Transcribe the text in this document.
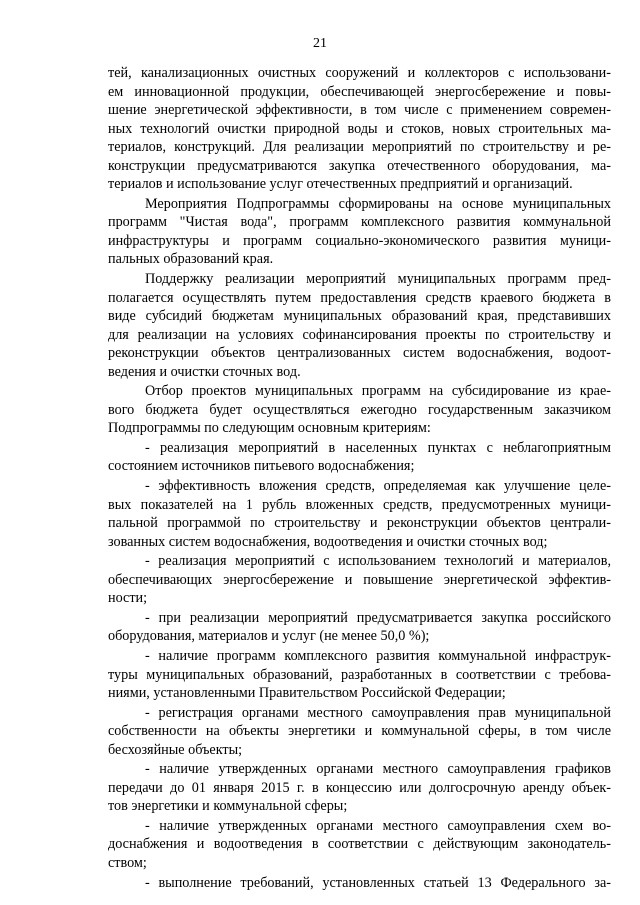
21
тей, канализационных очистных сооружений и коллекторов с использовани-
ем инновационной продукции, обеспечивающей энергосбережение и повы-
шение энергетической эффективности, в том числе с применением современ-
ных технологий очистки природной воды и стоков, новых строительных ма-
териалов, конструкций. Для реализации мероприятий по строительству и ре-
конструкции предусматриваются закупка отечественного оборудования, ма-
териалов и использование услуг отечественных предприятий и организаций.
Мероприятия Подпрограммы сформированы на основе муниципальных
программ "Чистая вода", программ комплексного развития коммунальной
инфраструктуры и программ социально-экономического развития муници-
пальных образований края.
Поддержку реализации мероприятий муниципальных программ пред-
полагается осуществлять путем предоставления средств краевого бюджета в
виде субсидий бюджетам муниципальных образований края, представивших
для реализации на условиях софинансирования проекты по строительству и
реконструкции объектов централизованных систем водоснабжения, водоот-
ведения и очистки сточных вод.
Отбор проектов муниципальных программ на субсидирование из крае-
вого бюджета будет осуществляться ежегодно государственным заказчиком
Подпрограммы по следующим основным критериям:
- реализация мероприятий в населенных пунктах с неблагоприятным
состоянием источников питьевого водоснабжения;
- эффективность вложения средств, определяемая как улучшение целе-
вых показателей на 1 рубль вложенных средств, предусмотренных муници-
пальной программой по строительству и реконструкции объектов централи-
зованных систем водоснабжения, водоотведения и очистки сточных вод;
- реализация мероприятий с использованием технологий и материалов,
обеспечивающих энергосбережение и повышение энергетической эффектив-
ности;
- при реализации мероприятий предусматривается закупка российского
оборудования, материалов и услуг (не менее 50,0 %);
- наличие программ комплексного развития коммунальной инфраструк-
туры муниципальных образований, разработанных в соответствии с требова-
ниями, установленными Правительством Российской Федерации;
- регистрация органами местного самоуправления прав муниципальной
собственности на объекты энергетики и коммунальной сферы, в том числе
бесхозяйные объекты;
- наличие утвержденных органами местного самоуправления графиков
передачи до 01 января 2015 г. в концессию или долгосрочную аренду объек-
тов энергетики и коммунальной сферы;
- наличие утвержденных органами местного самоуправления схем во-
доснабжения и водоотведения в соответствии с действующим законодатель-
ством;
- выполнение требований, установленных статьей 13 Федерального за-
